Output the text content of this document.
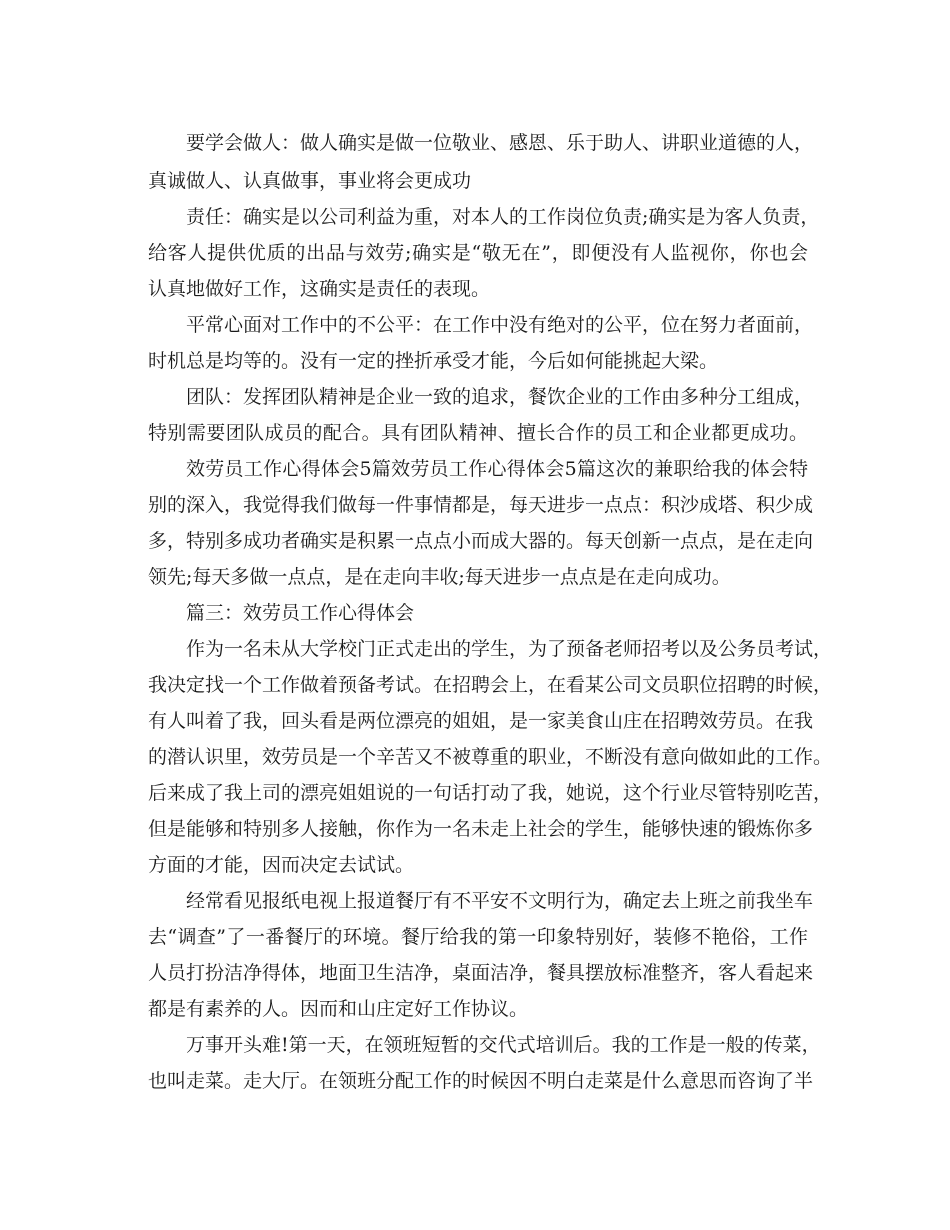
要学会做人：做人确实是做一位敬业、感恩、乐于助人、讲职业道德的人，
真诚做人、认真做事，事业将会更成功
责任：确实是以公司利益为重，对本人的工作岗位负责;确实是为客人负责，
给客人提供优质的出品与效劳;确实是“敬无在”，即便没有人监视你，你也会
认真地做好工作，这确实是责任的表现。
平常心面对工作中的不公平：在工作中没有绝对的公平，位在努力者面前，
时机总是均等的。没有一定的挫折承受才能，今后如何能挑起大梁。
团队：发挥团队精神是企业一致的追求，餐饮企业的工作由多种分工组成，
特别需要团队成员的配合。具有团队精神、擅长合作的员工和企业都更成功。
效劳员工作心得体会5篇效劳员工作心得体会5篇这次的兼职给我的体会特
别的深入，我觉得我们做每一件事情都是，每天进步一点点：积沙成塔、积少成
多，特别多成功者确实是积累一点点小而成大器的。每天创新一点点，是在走向
领先;每天多做一点点，是在走向丰收;每天进步一点点是在走向成功。
篇三：效劳员工作心得体会
作为一名未从大学校门正式走出的学生，为了预备老师招考以及公务员考试，
我决定找一个工作做着预备考试。在招聘会上，在看某公司文员职位招聘的时候，
有人叫着了我，回头看是两位漂亮的姐姐，是一家美食山庄在招聘效劳员。在我
的潜认识里，效劳员是一个辛苦又不被尊重的职业，不断没有意向做如此的工作。
后来成了我上司的漂亮姐姐说的一句话打动了我，她说，这个行业尽管特别吃苦，
但是能够和特别多人接触，你作为一名未走上社会的学生，能够快速的锻炼你多
方面的才能，因而决定去试试。
经常看见报纸电视上报道餐厅有不平安不文明行为，确定去上班之前我坐车
去“调查”了一番餐厅的环境。餐厅给我的第一印象特别好，装修不艳俗，工作
人员打扮洁净得体，地面卫生洁净，桌面洁净，餐具摆放标准整齐，客人看起来
都是有素养的人。因而和山庄定好工作协议。
万事开头难!第一天，在领班短暂的交代式培训后。我的工作是一般的传菜，
也叫走菜。走大厅。在领班分配工作的时候因不明白走菜是什么意思而咨询了半
